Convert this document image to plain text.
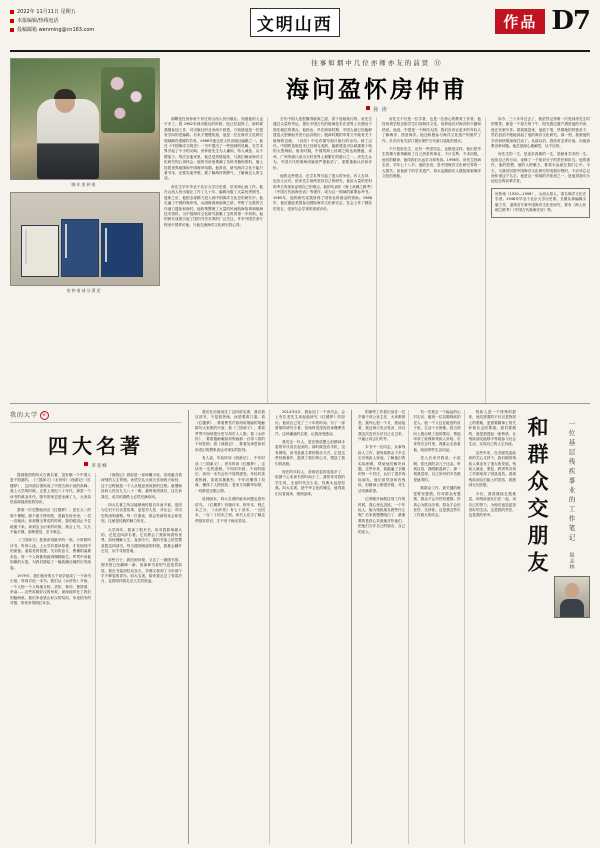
2022年 11月11日 星期五
本报编辑/热线电话
投稿邮箱 wenming@cn163.com	文明山西	作品 D7
晚年房仲甫
房仲甫部分著述
往事如烟中几位亦师亦友的前贤 ⑪
海问盈怀房仲甫
孙 涛

那颗是在房仲甫于作过的山西人民出版社。知道他的人也不多了。我 1982年到出版社的时候，他已经退休了。那时候我刚参加工作，对出版社的业务尚不熟悉，只知道他是一位很有学问的老编辑。后来才慢慢知道，他是一位在海洋文化研究领域颇有建树的学者。1986年他还是人民出版社编辑之一。他在《中国海洋文明史》一书中提出了一些独到的见解，在学术界引起了不小的反响。房仲甫先生为人谦和，待人诚恳，从不摆架子。每次去他家里，他总是热情接待，与我们畅谈海洋文化研究的心得体会。他的书房里堆满了各种书籍和资料，墙上挂着世界地图和中国海岸线图。他常说，研究海洋文化不能只看书本，还要实地考察，要了解海洋的脾气，了解海边人的生活。

房先生早年毕业于北京大学历史系，后来到山西工作。他在山西人民出版社工作了几十年，编辑出版了大量优秀图书。退休之后，他把全部精力投入到中国海洋文化史的研究中。他走遍了中国的海岸线，从渤海湾到南海之滨，考察了无数的古代港口遗址和渔村。他收集整理了大量的民间航海故事和航海技术资料，为中国海洋文化研究积累了宝贵的第一手材料。他的研究成果引起了国内外学术界的广泛关注，许多外国学者专程来中国拜访他，与他交流海洋文化研究的心得。

古代中国人是很懂得航海之道、善于造船航行的。房先生通过大量的考证，提出中国古代的航海技术在世界上长期处于领先地位的观点。他指出，早在商周时期，中国人就已经能够建造大型海船并进行远洋航行。殷商时期的甲骨文中就有关于航海的记载，《诗经》中也有描写船只航行的诗句。到了汉代，中国的造船技术已经相当成熟，能够建造可以载重数十吨的大型海船。唐宋时期，中国的海上丝绸之路达到鼎盛，泉州、广州等港口成为当时世界上最繁忙的港口之一。房先生认为，中国古代的航海成就被严重低估了，需要重新认识和评价。

他的这些观点，在学术界引起了很大的争论。有人支持，也有人反对。但房先生始终坚持自己的研究，他用大量的史料和考古发现来证明自己的观点。他的代表作《海上丝绸之路考》《中国古代航海史话》等著作，成为这一领域的重要参考书。1985年，他的研究成果获得了国家社科基金的资助。1988年，他应邀赴美国参加国际海洋文化研讨会，在会上作了精彩的发言，受到与会学者的高度评价。

房先生不仅是一位学者，也是一位热心的教育工作者。他经常到学校去给学生们讲海洋文化，培养他们对海洋的兴趣和热爱。他说，中国是一个海洋大国，我们应该让更多的年轻人了解海洋、热爱海洋。他还积极参与海洋文化遗产的保护工作，多次向有关部门提出保护古代港口遗址的建议。

不只是房先生，还有一些老同志，也都是这样。他们把毕生的精力都奉献给了自己热爱的事业，不计名利，不求回报。他们的精神，值得我们永远学习和发扬。1998年，房先生因病去世，享年七十八岁。他的去世，是中国海洋文化研究界的一大损失。但他留下的学术遗产，将永远激励后人继续探索海洋文化的奥秘。

如今，三十多年过去了，我依然记得第一次见到房先生时的情景。那是一个春天的下午，阳光透过窗户洒进他的书房，他正伏案写作。看到我进来，他放下笔，热情地招呼我坐下，然后滔滔不绝地讲起了他的海洋文化研究。那一刻，我被他的学识和热情深深打动了。从那以后，我经常去拜访他，向他请教各种问题。他总是耐心地解答，从不厌烦。

房先生的一生，是追求真理的一生，是献身学术的一生。他用自己的行动，诠释了一个知识分子的责任和担当。他的著作，他的思想，他的人格魅力，都将永远留在我们心中。今天，当我们回望中国海洋文化研究的发展历程时，不应该忘记房仲甫这个名字。他是这一领域的开拓者之一，是值得我们永远纪念的前辈学者。

房仲甫（1920—1998），山西太原人，著名海洋文化史学者。1946年毕业于北京大学历史系。长期从事编辑出版工作，退休后专事中国海洋文化史研究，著有《海上丝绸之路考》《中国古代航海史话》等。
我的大学 ⑥
四大名著
李亚峰

提到我国的四大古典名著，没有哪一个中国人是不知道的。《三国演义》《水浒传》《西游记》《红楼梦》，这四部巨著构成了中国古典小说的高峰。我上大学的时候，正是上世纪八十年代，那是一个读书的黄金年代。图书馆里总是坐满了人，大家如饥似渴地汲取着知识。

我第一次完整地读完《红楼梦》，是在大二的那个暑假。那个夏天特别热，我躲在宿舍里，一页一页地读。读到黛玉葬花的时候，我的眼泪止不住地流下来。读到宝玉出家的时候，我合上书，久久不能平静。那种感觉，至今难忘。

《三国演义》是我读得最早的一部。小时候听评书，听得入迷。上大学后重读原著，才发现其中的深意。诸葛亮的智慧，关羽的忠义，曹操的枭雄本色，每一个人物都刻画得栩栩如生。罗贯中用他如椽的大笔，为我们描绘了一幅波澜壮阔的历史画卷。

1979年，我们宿舍的几个同学组成了一个读书小组，每周讨论一本书。我们从《水浒传》开始，一个人物一个人物地分析。武松、林冲、鲁智深、李逵……这些英雄好汉的形象，深深地印在了我们的脑海里。我们争论梁山好汉的结局，争论招安的对错，常常争得面红耳赤。

《西游记》看似是一部神魔小说，实则蕴含着深刻的人生哲理。孙悟空从大闹天宫到西天取经，这个过程就是一个人从叛逆到成熟的过程。唐僧师徒四人经历九九八十一难，最终取得真经，这告诉我们，成功的道路上必然充满坎坷。

四大名著之所以能够流传数百年而不衰，是因为它们不仅仅是故事，更是对人性、对社会、对历史的深刻洞察。每一次重读，都会有新的体会和发现。这就是经典的魅力所在。

大学四年，我读了很多书，但对我影响最大的，还是这四部名著。它们教会了我如何看待世界，如何理解人生。直到今天，我的书架上依然摆放着这四部书，每当遇到困惑的时候，我都会翻开它们，从中寻找答案。

前些日子，我回到母校，又去了一趟图书馆。图书馆已经翻修一新，但那种书香的气息依然如故。我在书架前驻足良久，仿佛又看到了当年那个手不释卷的青年。四大名著，陪伴我走过了青春岁月，也将陪伴我走完人生的旅途。

我们在前面说过了这四部名著，我们看这部书，不是看热闹，而是要看门道。看《红楼梦》，要看曹雪芹如何用细腻的笔触描写大家族的兴衰；看《三国演义》，要看罗贯中如何把历史写得引人入胜；看《水浒传》，要看施耐庵如何刻画那一百零八将的不同性格；看《西游记》，要看吴承恩如何用奇幻的想象表达对现实的批判。

有人说，年轻时读《西游记》，中年时读《三国演义》，老年时读《红楼梦》。这话有一定的道理。不同的年龄，不同的阅历，读同一本书会有不同的感受。年轻时喜欢热闹，喜欢英雄豪杰；中年后懂得了权谋，懂得了人情世故；老来方知繁华如梦，一切都是过眼云烟。

说到版本，四大名著的版本问题也很有讲究。《红楼梦》有脂评本、程甲本、程乙本之分；《水浒传》有七十回本、一百回本、一百二十回本之别。读书人应当了解这些基本常识，才不至于闹出笑话。

2014年4月，我参加了一个读书会，会上有位老先生谈起他研究《红楼梦》的经历。他说自己花了三十年的时间，写了一部厚厚的研究专著，但始终觉得没有读懂曹雪芹。这种谦逊的态度，让我深受感动。

我们这一代人，是在物质匮乏但精神丰富的年代成长起来的。那时候没有手机，没有网络，读书是最主要的娱乐方式。正是这些经典著作，滋养了我们的心灵，塑造了我们的品格。

现在的年轻人，获取信息的渠道多了，但静下心来读书的时间少了。我常常对我的学生说，无论时代怎么变，经典永远是经典。四大名著，是中华文化的瑰宝，值得我们反复阅读、细细品味。	和群众交朋友	一位基层残疾事业的工作笔记
赵志林

的那些工作我们身在一位乡镇干部公室主任，大家都熟悉，我内心很一个月，我说接着，我这两天有点受凉，所以我这次没有办法自己走过来，只能让同志们代劳。

本书中一位同志，从事残疾人工作，我每周都会下乡去走访残疾人家庭，了解他们的实际困难，帮助他们解决问题。这些年来，我跑遍了全镇的每一个村庄，认识了很多残疾朋友。他们虽然身体有残疾，但精神上都很坚强，对生活充满希望。

记得刚开始做这项工作的时候，我心里也没底。一个年轻人，能为残疾朋友做些什么呢？后来我慢慢明白了，最重要的是真心实意地对待他们，把他们当作自己的朋友、自己的亲人。

有一次我去一个偏远的山村走访，碰到一位双腿残疾的老人。他一个人住在破旧的房子里，生活十分困难。我当即向上级反映了他的情况，帮他申请了低保和残疾人补贴。后来每次去村里，我都会去看看他，给他带些生活用品。

老人后来对我说：小赵啊，你比我的亲儿子还亲。听到这话，我眼眶湿润了。那一刻我觉得，自己所有的辛苦都是值得的。

做群众工作，最关键的就是要有感情。你对群众有感情，群众才会对你有感情。你真心为群众办事，群众才会信任你、支持你。这是我这些年工作最大的体会。

残疾人是一个特殊的群体，他们需要的不仅仅是物质上的帮助，更需要精神上的关怀和社会的尊重。我们要做的，就是搭建起一座桥梁，让残疾朋友能够平等地参与社会生活，实现自己的人生价值。

这些年来，在各级党委政府的关心支持下，我们镇的残疾人事业有了很大的发展。残疾人就业、康复、教育等各项工作都取得了明显成效。看到残疾朋友们脸上的笑容，我感到无比欣慰。

今后，我将继续扎根基层，和残疾朋友们在一起，用自己的努力，为他们创造更加美好的生活。这是我的责任，也是我的荣幸。
